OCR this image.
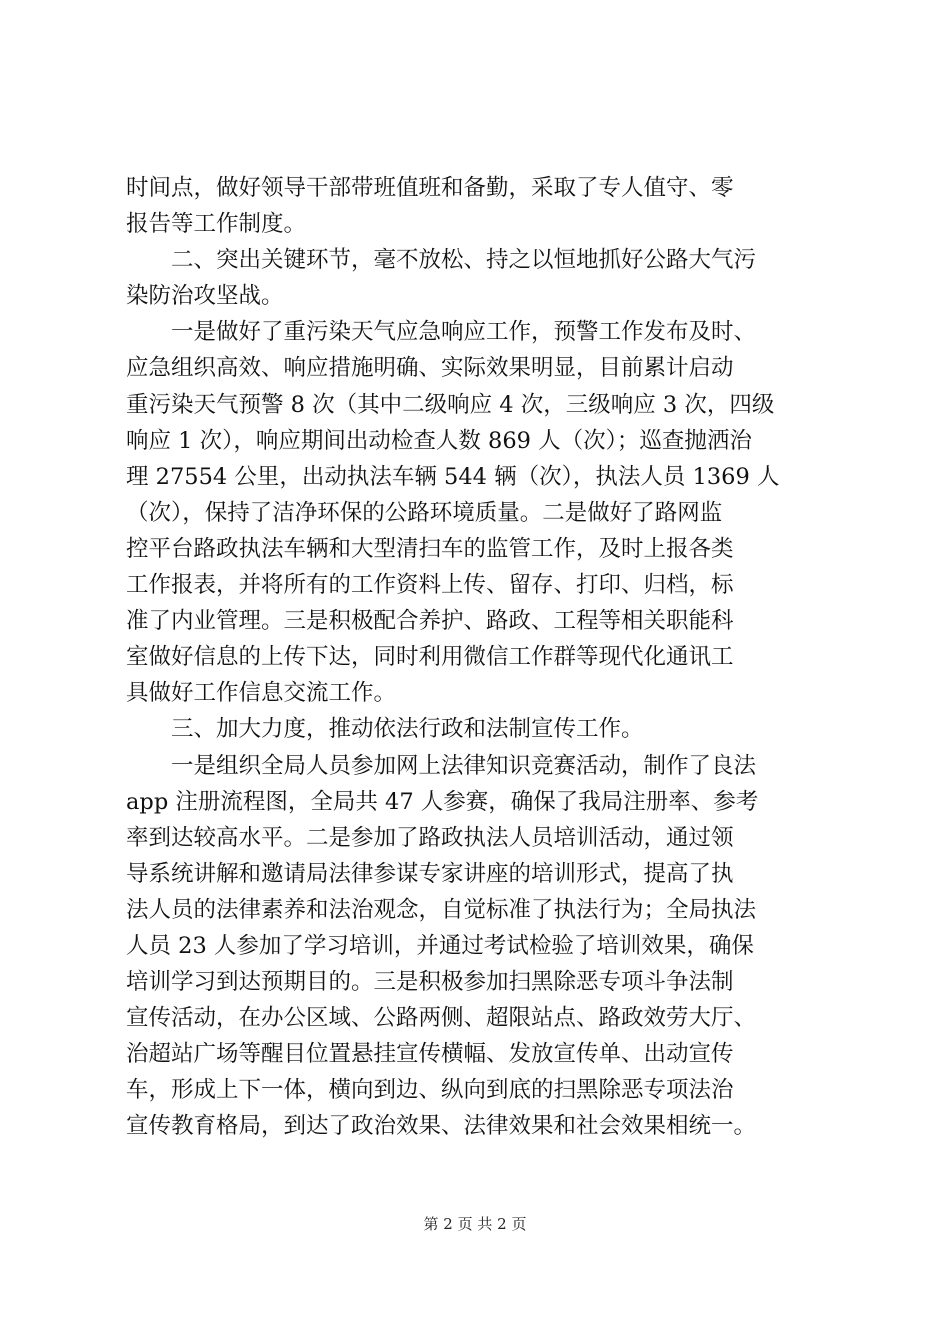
时间点，做好领导干部带班值班和备勤，采取了专人值守、零
报告等工作制度。
　　二、突出关键环节，毫不放松、持之以恒地抓好公路大气污
染防治攻坚战。
　　一是做好了重污染天气应急响应工作，预警工作发布及时、
应急组织高效、响应措施明确、实际效果明显，目前累计启动
重污染天气预警 8 次（其中二级响应 4 次，三级响应 3 次，四级
响应 1 次），响应期间出动检查人数 869 人（次）；巡查抛洒治
理 27554 公里，出动执法车辆 544 辆（次），执法人员 1369 人
（次），保持了洁净环保的公路环境质量。二是做好了路网监
控平台路政执法车辆和大型清扫车的监管工作，及时上报各类
工作报表，并将所有的工作资料上传、留存、打印、归档，标
准了内业管理。三是积极配合养护、路政、工程等相关职能科
室做好信息的上传下达，同时利用微信工作群等现代化通讯工
具做好工作信息交流工作。
　　三、加大力度，推动依法行政和法制宣传工作。
　　一是组织全局人员参加网上法律知识竞赛活动，制作了良法
app 注册流程图，全局共 47 人参赛，确保了我局注册率、参考
率到达较高水平。二是参加了路政执法人员培训活动，通过领
导系统讲解和邀请局法律参谋专家讲座的培训形式，提高了执
法人员的法律素养和法治观念，自觉标准了执法行为；全局执法
人员 23 人参加了学习培训，并通过考试检验了培训效果，确保
培训学习到达预期目的。三是积极参加扫黑除恶专项斗争法制
宣传活动，在办公区域、公路两侧、超限站点、路政效劳大厅、
治超站广场等醒目位置悬挂宣传横幅、发放宣传单、出动宣传
车，形成上下一体，横向到边、纵向到底的扫黑除恶专项法治
宣传教育格局，到达了政治效果、法律效果和社会效果相统一。
第 2 页 共 2 页
